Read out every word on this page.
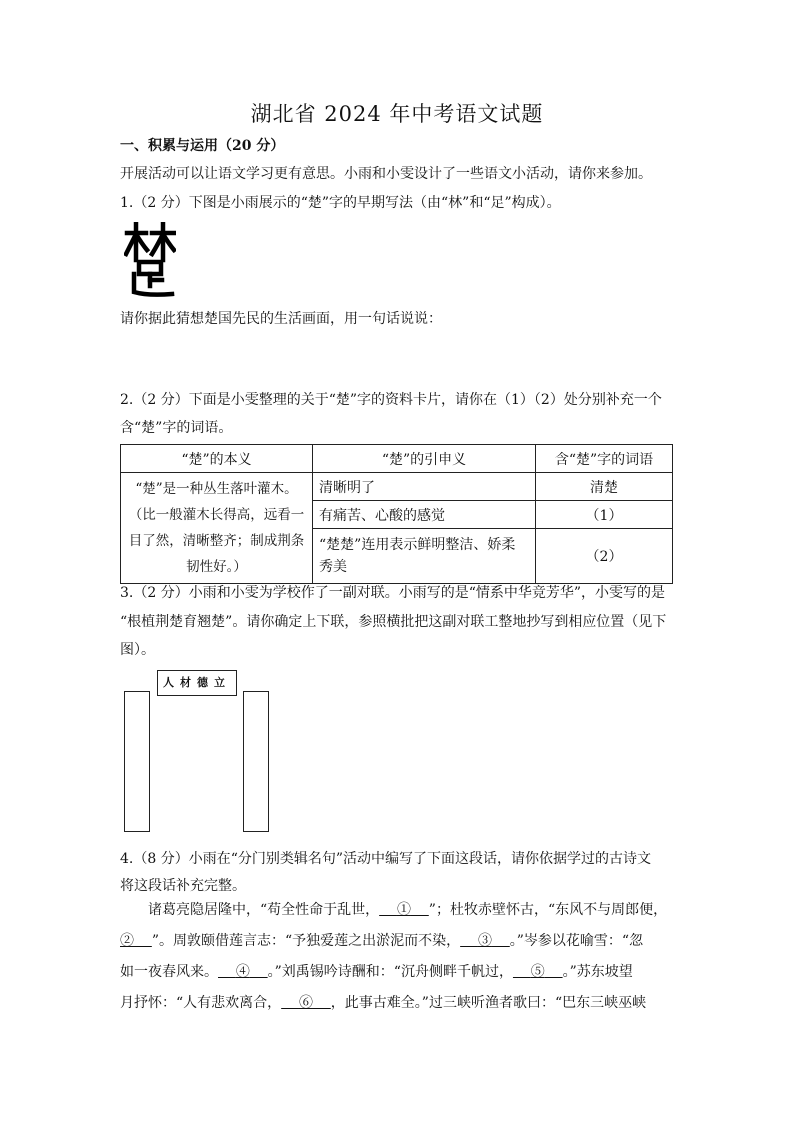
湖北省 2024 年中考语文试题
一、积累与运用（20 分）
开展活动可以让语文学习更有意思。小雨和小雯设计了一些语文小活动，请你来参加。
1.（2 分）下图是小雨展示的“楚”字的早期写法（由“林”和“足”构成）。
请你据此猜想楚国先民的生活画面，用一句话说说：
2.（2 分）下面是小雯整理的关于“楚”字的资料卡片，请你在（1）（2）处分别补充一个
含“楚”字的词语。
“楚”的本义	“楚”的引申义	含“楚”字的词语

“楚”是一种丛生落叶灌木。
（比一般灌木长得高，远看一
目了然，清晰整齐；制成荆条
韧性好。）	清晰明了	清楚
	有痛苦、心酸的感觉	（1）

	“楚楚”连用表示鲜明整洁、娇柔
秀美	（2）
3.（2 分）小雨和小雯为学校作了一副对联。小雨写的是“情系中华竞芳华”，小雯写的是
“根植荆楚育翘楚”。请你确定上下联，参照横批把这副对联工整地抄写到相应位置（见下
图）。
人材德立
4.（8 分）小雨在“分门别类辑名句”活动中编写了下面这段话，请你依据学过的古诗文
将这段话补充完整。
诸葛亮隐居隆中，“苟全性命于乱世， ① ”；杜牧赤壁怀古，“东风不与周郎便，
② ”。周敦颐借莲言志：“予独爱莲之出淤泥而不染， ③ 。”岑参以花喻雪：“忽
如一夜春风来。 ④ 。”刘禹锡吟诗酬和：“沉舟侧畔千帆过， ⑤ 。”苏东坡望
月抒怀：“人有悲欢离合， ⑥ ，此事古难全。”过三峡听渔者歌曰：“巴东三峡巫峡
